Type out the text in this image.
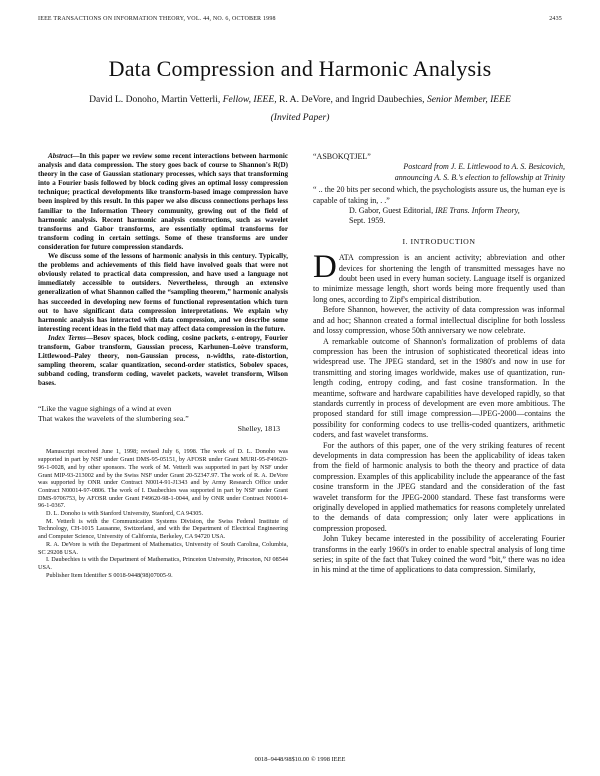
IEEE TRANSACTIONS ON INFORMATION THEORY, VOL. 44, NO. 6, OCTOBER 1998	2435
Data Compression and Harmonic Analysis
David L. Donoho, Martin Vetterli, Fellow, IEEE, R. A. DeVore, and Ingrid Daubechies, Senior Member, IEEE
(Invited Paper)

Abstract—In this paper we review some recent interactions between harmonic analysis and data compression. The story goes back of course to Shannon's R(D) theory in the case of Gaussian stationary processes, which says that transforming into a Fourier basis followed by block coding gives an optimal lossy compression technique; practical developments like transform-based image compression have been inspired by this result. In this paper we also discuss connections perhaps less familiar to the Information Theory community, growing out of the field of harmonic analysis. Recent harmonic analysis constructions, such as wavelet transforms and Gabor transforms, are essentially optimal transforms for transform coding in certain settings. Some of these transforms are under consideration for future compression standards.

We discuss some of the lessons of harmonic analysis in this century. Typically, the problems and achievements of this field have involved goals that were not obviously related to practical data compression, and have used a language not immediately accessible to outsiders. Nevertheless, through an extensive generalization of what Shannon called the “sampling theorem,” harmonic analysis has succeeded in developing new forms of functional representation which turn out to have significant data compression interpretations. We explain why harmonic analysis has interacted with data compression, and we describe some interesting recent ideas in the field that may affect data compression in the future.

Index Terms—Besov spaces, block coding, cosine packets, ε-entropy, Fourier transform, Gabor transform, Gaussian process, Karhunen–Loève transform, Littlewood–Paley theory, non-Gaussian process, n-widths, rate-distortion, sampling theorem, scalar quantization, second-order statistics, Sobolev spaces, subband coding, transform coding, wavelet packets, wavelet transform, Wilson bases.

“Like the vague sighings of a wind at even

That wakes the wavelets of the slumbering sea.”

Shelley, 1813

Manuscript received June 1, 1998; revised July 6, 1998. The work of D. L. Donoho was supported in part by NSF under Grant DMS-95-05151, by AFOSR under Grant MURI-95-F49620-96-1-0028, and by other sponsors. The work of M. Vetterli was supported in part by NSF under Grant MIP-93-213002 and by the Swiss NSF under Grant 20-52347.97. The work of R. A. DeVore was supported by ONR under Contract N0014-91-J1343 and by Army Research Office under Contract N00014-97-0806. The work of I. Daubechies was supported in part by NSF under Grant DMS-9706753, by AFOSR under Grant F49620-98-1-0044, and by ONR under Contract N00014-96-1-0367.

D. L. Donoho is with Stanford University, Stanford, CA 94305.

M. Vetterli is with the Communication Systems Division, the Swiss Federal Institute of Technology, CH-1015 Lausanne, Switzerland, and with the Department of Electrical Engineering and Computer Science, University of California, Berkeley, CA 94720 USA.

R. A. DeVore is with the Department of Mathematics, University of South Carolina, Columbia, SC 29208 USA.

I. Daubechies is with the Department of Mathematics, Princeton University, Princeton, NJ 08544 USA.

Publisher Item Identifier S 0018-9448(98)07005-9.

“ASBOKQTJEL”

Postcard from J. E. Littlewood to A. S. Besicovich,

announcing A. S. B.'s election to fellowship at Trinity

“ .. the 20 bits per second which, the psychologists assure us, the human eye is capable of taking in, . .”

D. Gabor, Guest Editorial, IRE Trans. Inform Theory,

Sept. 1959.

I. INTRODUCTION

DATA compression is an ancient activity; abbreviation and other devices for shortening the length of transmitted messages have no doubt been used in every human society. Language itself is organized to minimize message length, short words being more frequently used than long ones, according to Zipf's empirical distribution.

Before Shannon, however, the activity of data compression was informal and ad hoc; Shannon created a formal intellectual discipline for both lossless and lossy compression, whose 50th anniversary we now celebrate.

A remarkable outcome of Shannon's formalization of problems of data compression has been the intrusion of sophisticated theoretical ideas into widespread use. The JPEG standard, set in the 1980's and now in use for transmitting and storing images worldwide, makes use of quantization, run-length coding, entropy coding, and fast cosine transformation. In the meantime, software and hardware capabilities have developed rapidly, so that standards currently in process of development are even more ambitious. The proposed standard for still image compression—JPEG-2000—contains the possibility for conforming codecs to use trellis-coded quantizers, arithmetic coders, and fast wavelet transforms.

For the authors of this paper, one of the very striking features of recent developments in data compression has been the applicability of ideas taken from the field of harmonic analysis to both the theory and practice of data compression. Examples of this applicability include the appearance of the fast cosine transform in the JPEG standard and the consideration of the fast wavelet transform for the JPEG-2000 standard. These fast transforms were originally developed in applied mathematics for reasons completely unrelated to the demands of data compression; only later were applications in compression proposed.

John Tukey became interested in the possibility of accelerating Fourier transforms in the early 1960's in order to enable spectral analysis of long time series; in spite of the fact that Tukey coined the word “bit,” there was no idea in his mind at the time of applications to data compression. Similarly,

0018–9448/98$10.00 © 1998 IEEE
